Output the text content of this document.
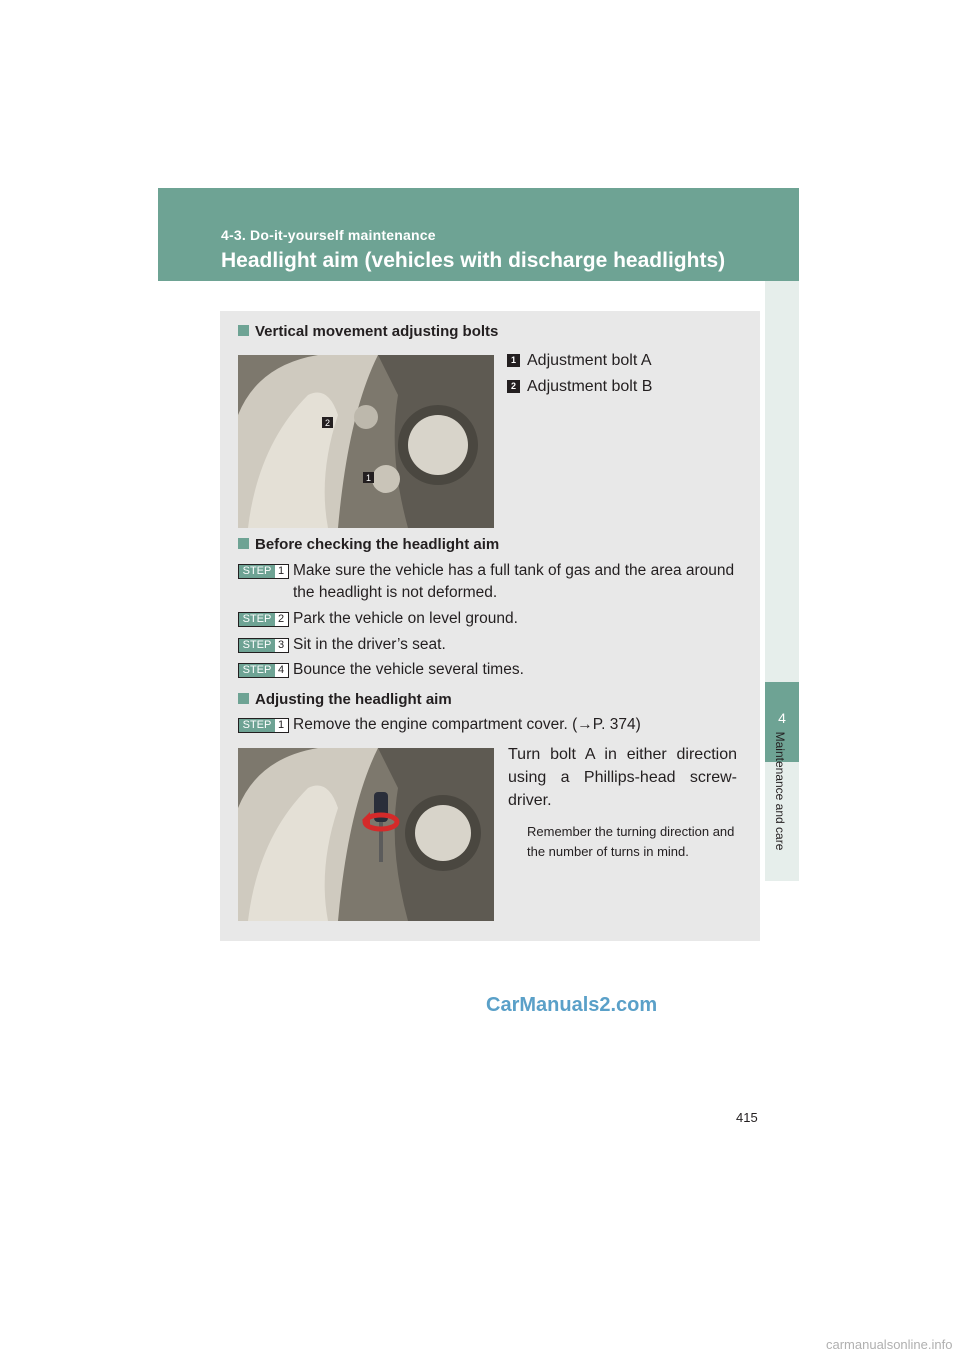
4-3. Do-it-yourself maintenance
Headlight aim (vehicles with discharge headlights)
4
Maintenance and care
Vertical movement adjusting bolts
2
1
1 Adjustment bolt A
2 Adjustment bolt B
Before checking the headlight aim
STEP 1 Make sure the vehicle has a full tank of gas and the area around
the headlight is not deformed.
STEP 2 Park the vehicle on level ground.
STEP 3 Sit in the driver’s seat.
STEP 4 Bounce the vehicle several times.
Adjusting the headlight aim
STEP 1 Remove the engine compartment cover. (→P. 374)
Turn bolt A in either direction using a Phillips-head screw-driver.
Remember the turning direction and the number of turns in mind.
415
CarManuals2.com
carmanualsonline.info
